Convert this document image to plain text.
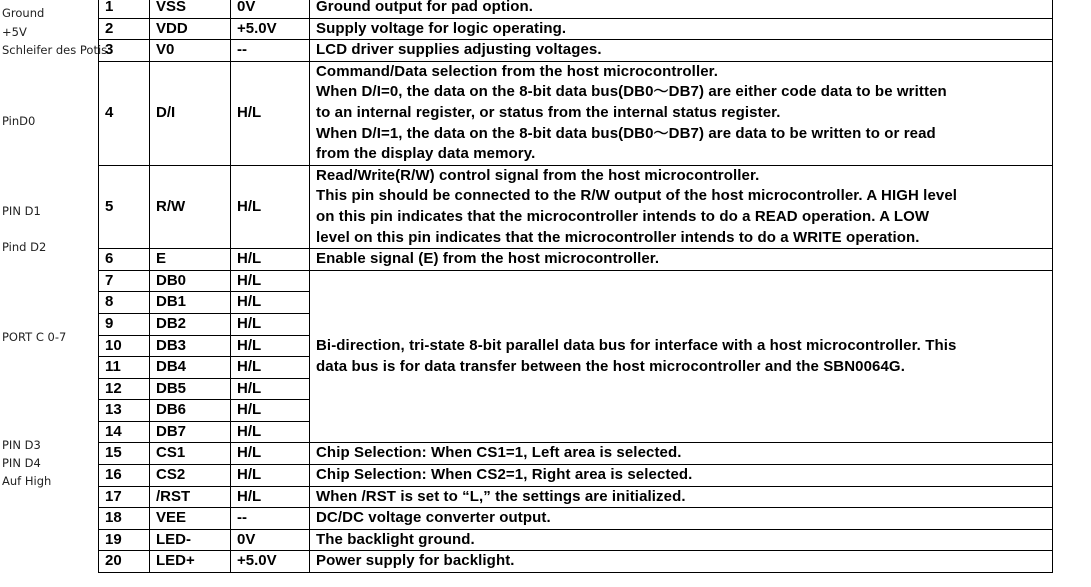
Ground
+5V
Schleifer des Potis
PinD0
PIN D1
Pind D2
PORT C 0-7
PIN D3
PIN D4
Auf High
1	VSS	0V	Ground output for pad option.

2	VDD	+5.0V	Supply voltage for logic operating.

3	V0	--	LCD driver supplies adjusting voltages.

4	D/I	H/L	Command/Data selection from the host microcontroller.
When D/I=0, the data on the 8-bit data bus(DB0〜DB7) are either code data to be written
to an internal register, or status from the internal status register.
When D/I=1, the data on the 8-bit data bus(DB0〜DB7) are data to be written to or read
from the display data memory.

5	R/W	H/L	Read/Write(R/W) control signal from the host microcontroller.
This pin should be connected to the R/W output of the host microcontroller. A HIGH level
on this pin indicates that the microcontroller intends to do a READ operation. A LOW
level on this pin indicates that the microcontroller intends to do a WRITE operation.

6	E	H/L	Enable signal (E) from the host microcontroller.

7	DB0	H/L	Bi-direction, tri-state 8-bit parallel data bus for interface with a host microcontroller. This
data bus is for data transfer between the host microcontroller and the SBN0064G.

8	DB1	H/L	
9	DB2	H/L	
10	DB3	H/L	
11	DB4	H/L	
12	DB5	H/L	
13	DB6	H/L	
14	DB7	H/L	
15	CS1	H/L	Chip Selection: When CS1=1, Left area is selected.

16	CS2	H/L	Chip Selection: When CS2=1, Right area is selected.

17	/RST	H/L	When /RST is set to “L,” the settings are initialized.

18	VEE	--	DC/DC voltage converter output.

19	LED-	0V	The backlight ground.

20	LED+	+5.0V	Power supply for backlight.
